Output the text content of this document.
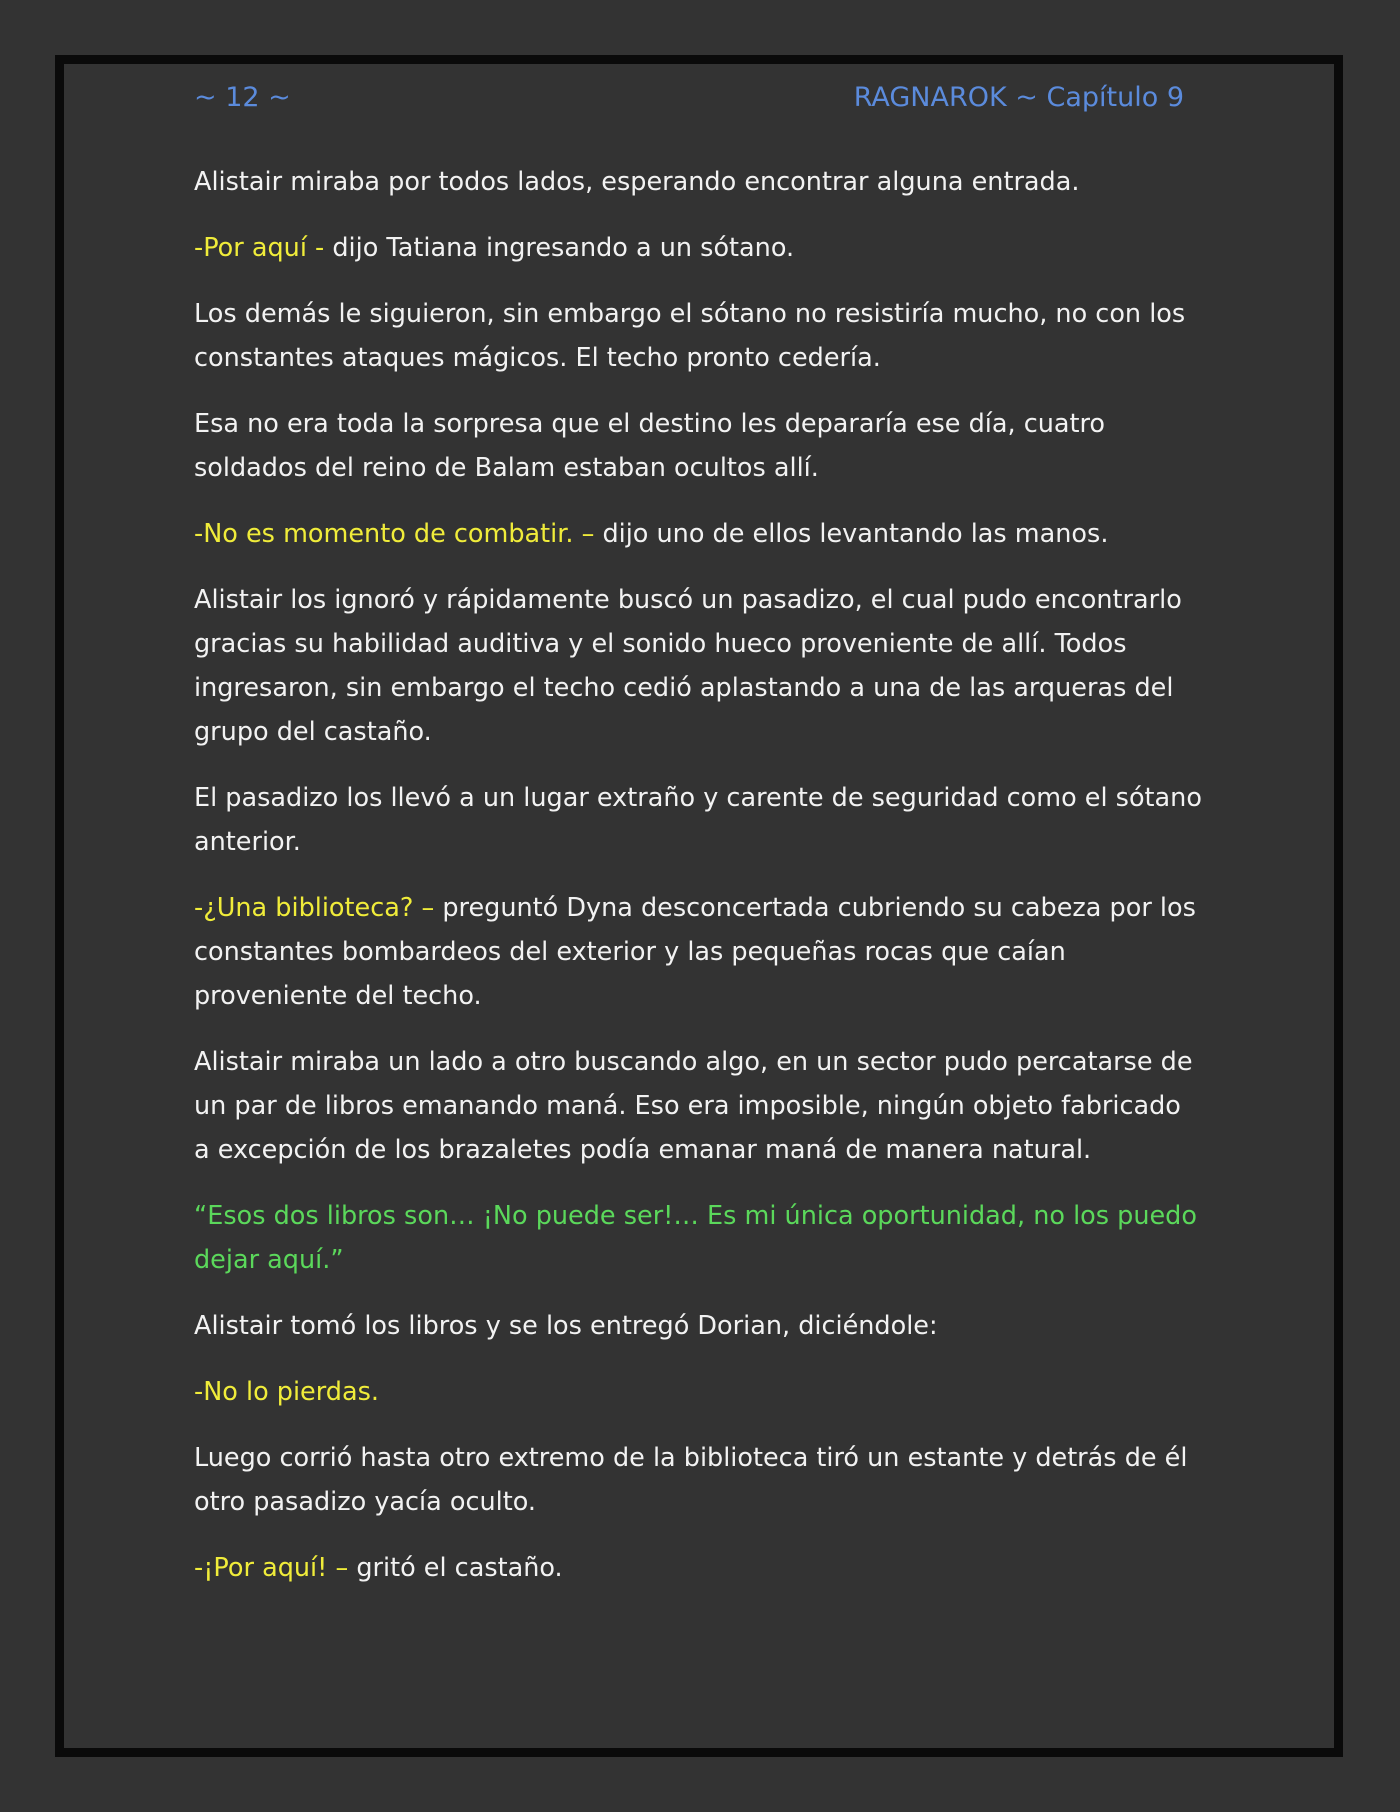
~ 12 ~	RAGNAROK ~ Capítulo 9

Alistair miraba por todos lados, esperando encontrar alguna entrada.

-Por aquí - dijo Tatiana ingresando a un sótano.

Los demás le siguieron, sin embargo el sótano no resistiría mucho, no con los constantes ataques mágicos. El techo pronto cedería.

Esa no era toda la sorpresa que el destino les depararía ese día, cuatro soldados del reino de Balam estaban ocultos allí.

-No es momento de combatir. – dijo uno de ellos levantando las manos.

Alistair los ignoró y rápidamente buscó un pasadizo, el cual pudo encontrarlo gracias su habilidad auditiva y el sonido hueco proveniente de allí. Todos ingresaron, sin embargo el techo cedió aplastando a una de las arqueras del grupo del castaño.

El pasadizo los llevó a un lugar extraño y carente de seguridad como el sótano anterior.

-¿Una biblioteca? – preguntó Dyna desconcertada cubriendo su cabeza por los constantes bombardeos del exterior y las pequeñas rocas que caían proveniente del techo.

Alistair miraba un lado a otro buscando algo, en un sector pudo percatarse de un par de libros emanando maná. Eso era imposible, ningún objeto fabricado a excepción de los brazaletes podía emanar maná de manera natural.

“Esos dos libros son… ¡No puede ser!… Es mi única oportunidad, no los puedo dejar aquí.”

Alistair tomó los libros y se los entregó Dorian, diciéndole:

-No lo pierdas.

Luego corrió hasta otro extremo de la biblioteca tiró un estante y detrás de él otro pasadizo yacía oculto.

-¡Por aquí! – gritó el castaño.
